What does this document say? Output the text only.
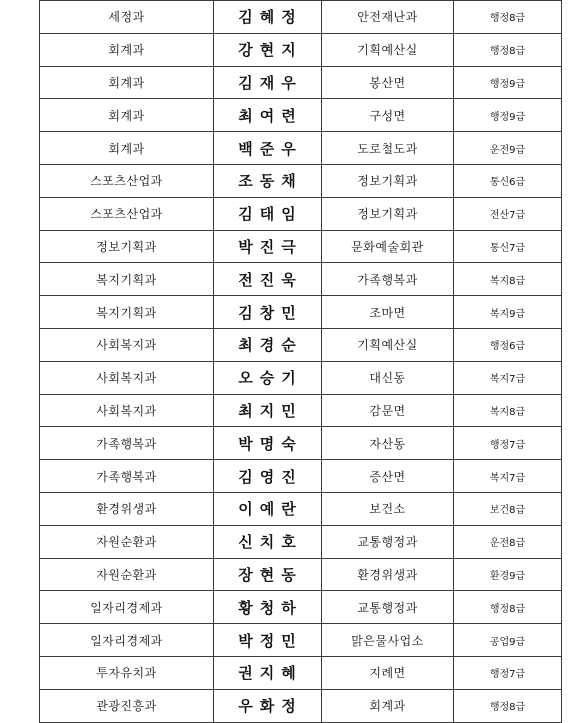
세정과	김혜정	안전재난과	행정8급
회계과	강현지	기획예산실	행정8급
회계과	김재우	봉산면	행정9급
회계과	최여련	구성면	행정9급
회계과	백준우	도로철도과	운전9급
스포츠산업과	조동채	정보기획과	통신6급
스포츠산업과	김태임	정보기획과	전산7급
정보기획과	박진극	문화예술회관	통신7급
복지기획과	전진욱	가족행복과	복지8급
복지기획과	김창민	조마면	복지9급
사회복지과	최경순	기획예산실	행정6급
사회복지과	오승기	대신동	복지7급
사회복지과	최지민	감문면	복지8급
가족행복과	박명숙	자산동	행정7급
가족행복과	김영진	증산면	복지7급
환경위생과	이예란	보건소	보건8급
자원순환과	신치호	교통행정과	운전8급
자원순환과	장현동	환경위생과	환경9급
일자리경제과	황청하	교통행정과	행정8급
일자리경제과	박정민	맑은물사업소	공업9급
투자유치과	권지혜	지례면	행정7급
관광진흥과	우화정	회계과	행정8급
